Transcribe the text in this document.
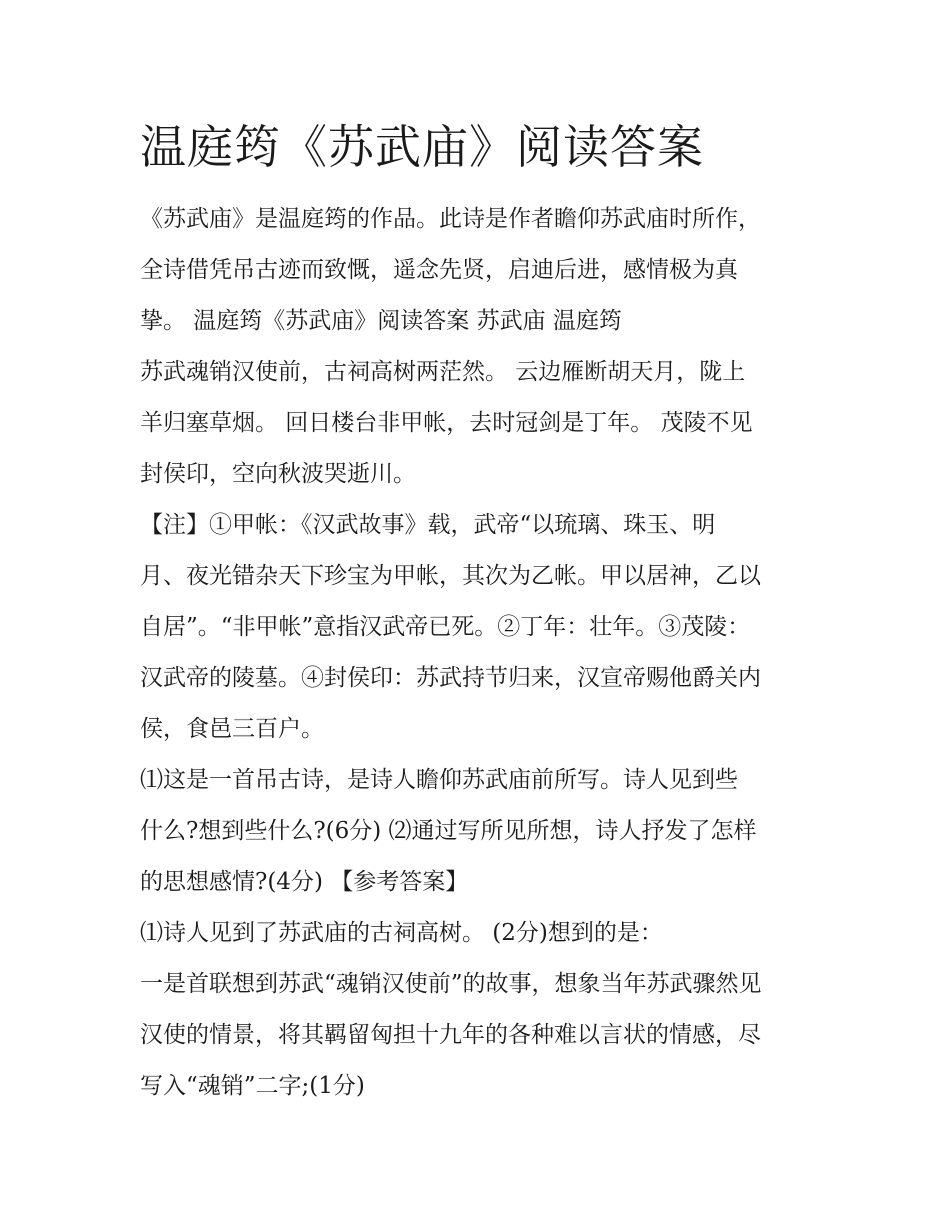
温庭筠《苏武庙》阅读答案

《苏武庙》是温庭筠的作品。此诗是作者瞻仰苏武庙时所作，
全诗借凭吊古迹而致慨，遥念先贤，启迪后进，感情极为真
挚。 温庭筠《苏武庙》阅读答案 苏武庙 温庭筠

苏武魂销汉使前，古祠高树两茫然。 云边雁断胡天月，陇上
羊归塞草烟。 回日楼台非甲帐，去时冠剑是丁年。 茂陵不见
封侯印，空向秋波哭逝川。

【注】①甲帐：《汉武故事》载，武帝“以琉璃、珠玉、明
月、夜光错杂天下珍宝为甲帐，其次为乙帐。甲以居神，乙以
自居”。“非甲帐”意指汉武帝已死。②丁年：壮年。③茂陵：
汉武帝的陵墓。④封侯印：苏武持节归来，汉宣帝赐他爵关内
侯，食邑三百户。

⑴这是一首吊古诗，是诗人瞻仰苏武庙前所写。诗人见到些
什么?想到些什么?(6分) ⑵通过写所见所想，诗人抒发了怎样
的思想感情?(4分) 【参考答案】

⑴诗人见到了苏武庙的古祠高树。 (2分)想到的是：

一是首联想到苏武“魂销汉使前”的故事，想象当年苏武骤然见
汉使的情景，将其羁留匈担十九年的各种难以言状的情感，尽
写入“魂销”二字;(1分)
